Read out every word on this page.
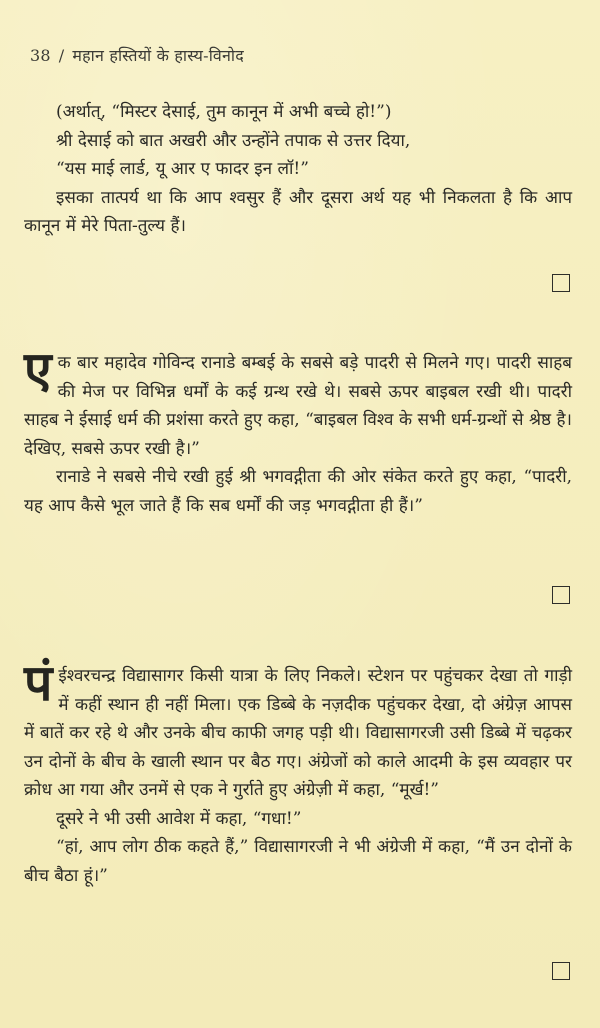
38 / महान हस्तियों के हास्य-विनोद

(अर्थात्, “मिस्टर देसाई, तुम कानून में अभी बच्चे हो!”)

श्री देसाई को बात अखरी और उन्होंने तपाक से उत्तर दिया,

“यस माई लार्ड, यू आर ए फादर इन लॉ!”

इसका तात्पर्य था कि आप श्वसुर हैं और दूसरा अर्थ यह भी निकलता है कि आप कानून में मेरे पिता-तुल्य हैं।

एक बार महादेव गोविन्द रानाडे बम्बई के सबसे बड़े पादरी से मिलने गए। पादरी साहब की मेज पर विभिन्न धर्मों के कई ग्रन्थ रखे थे। सबसे ऊपर बाइबल रखी थी। पादरी साहब ने ईसाई धर्म की प्रशंसा करते हुए कहा, “बाइबल विश्व के सभी धर्म-ग्रन्थों से श्रेष्ठ है। देखिए, सबसे ऊपर रखी है।”

रानाडे ने सबसे नीचे रखी हुई श्री भगवद्गीता की ओर संकेत करते हुए कहा, “पादरी, यह आप कैसे भूल जाते हैं कि सब धर्मों की जड़ भगवद्गीता ही हैं।”

पंईश्वरचन्द्र विद्यासागर किसी यात्रा के लिए निकले। स्टेशन पर पहुंचकर देखा तो गाड़ी में कहीं स्थान ही नहीं मिला। एक डिब्बे के नज़दीक पहुंचकर देखा, दो अंग्रेज़ आपस में बातें कर रहे थे और उनके बीच काफी जगह पड़ी थी। विद्यासागरजी उसी डिब्बे में चढ़कर उन दोनों के बीच के खाली स्थान पर बैठ गए। अंग्रेजों को काले आदमी के इस व्यवहार पर क्रोध आ गया और उनमें से एक ने गुर्राते हुए अंग्रेज़ी में कहा, “मूर्ख!”

दूसरे ने भी उसी आवेश में कहा, “गधा!”

“हां, आप लोग ठीक कहते हैं,” विद्यासागरजी ने भी अंग्रेजी में कहा, “मैं उन दोनों के बीच बैठा हूं।”
